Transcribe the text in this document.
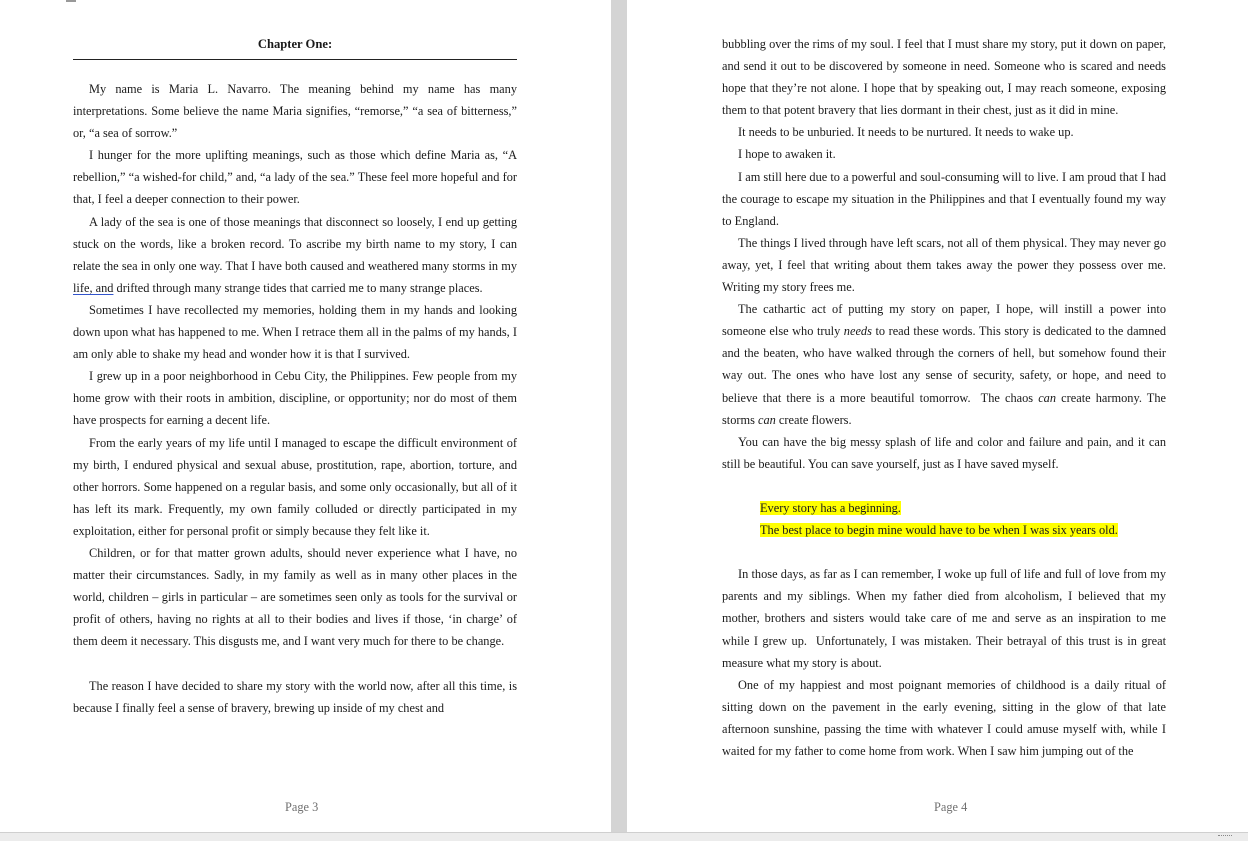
Chapter One:

My name is Maria L. Navarro. The meaning behind my name has many interpretations. Some believe the name Maria signifies, “remorse,” “a sea of bitterness,” or, “a sea of sorrow.”

I hunger for the more uplifting meanings, such as those which define Maria as, “A rebellion,” “a wished-for child,” and, “a lady of the sea.” These feel more hopeful and for that, I feel a deeper connection to their power.

A lady of the sea is one of those meanings that disconnect so loosely, I end up getting stuck on the words, like a broken record. To ascribe my birth name to my story, I can relate the sea in only one way. That I have both caused and weathered many storms in my life, and drifted through many strange tides that carried me to many strange places.

Sometimes I have recollected my memories, holding them in my hands and looking down upon what has happened to me. When I retrace them all in the palms of my hands, I am only able to shake my head and wonder how it is that I survived.

I grew up in a poor neighborhood in Cebu City, the Philippines. Few people from my home grow with their roots in ambition, discipline, or opportunity; nor do most of them have prospects for earning a decent life.

From the early years of my life until I managed to escape the difficult environment of my birth, I endured physical and sexual abuse, prostitution, rape, abortion, torture, and other horrors. Some happened on a regular basis, and some only occasionally, but all of it has left its mark. Frequently, my own family colluded or directly participated in my exploitation, either for personal profit or simply because they felt like it.

Children, or for that matter grown adults, should never experience what I have, no matter their circumstances. Sadly, in my family as well as in many other places in the world, children – girls in particular – are sometimes seen only as tools for the survival or profit of others, having no rights at all to their bodies and lives if those, ‘in charge’ of them deem it necessary. This disgusts me, and I want very much for there to be change.

The reason I have decided to share my story with the world now, after all this time, is because I finally feel a sense of bravery, brewing up inside of my chest and

Page 3

bubbling over the rims of my soul. I feel that I must share my story, put it down on paper, and send it out to be discovered by someone in need. Someone who is scared and needs hope that they’re not alone. I hope that by speaking out, I may reach someone, exposing them to that potent bravery that lies dormant in their chest, just as it did in mine.

It needs to be unburied. It needs to be nurtured. It needs to wake up.

I hope to awaken it.

I am still here due to a powerful and soul-consuming will to live. I am proud that I had the courage to escape my situation in the Philippines and that I eventually found my way to England.

The things I lived through have left scars, not all of them physical. They may never go away, yet, I feel that writing about them takes away the power they possess over me. Writing my story frees me.

The cathartic act of putting my story on paper, I hope, will instill a power into someone else who truly needs to read these words. This story is dedicated to the damned and the beaten, who have walked through the corners of hell, but somehow found their way out. The ones who have lost any sense of security, safety, or hope, and need to believe that there is a more beautiful tomorrow.  The chaos can create harmony. The storms can create flowers.

You can have the big messy splash of life and color and failure and pain, and it can still be beautiful. You can save yourself, just as I have saved myself.

Every story has a beginning.

The best place to begin mine would have to be when I was six years old.

In those days, as far as I can remember, I woke up full of life and full of love from my parents and my siblings. When my father died from alcoholism, I believed that my mother, brothers and sisters would take care of me and serve as an inspiration to me while I grew up.  Unfortunately, I was mistaken. Their betrayal of this trust is in great measure what my story is about.

One of my happiest and most poignant memories of childhood is a daily ritual of sitting down on the pavement in the early evening, sitting in the glow of that late afternoon sunshine, passing the time with whatever I could amuse myself with, while I waited for my father to come home from work. When I saw him jumping out of the

Page 4
